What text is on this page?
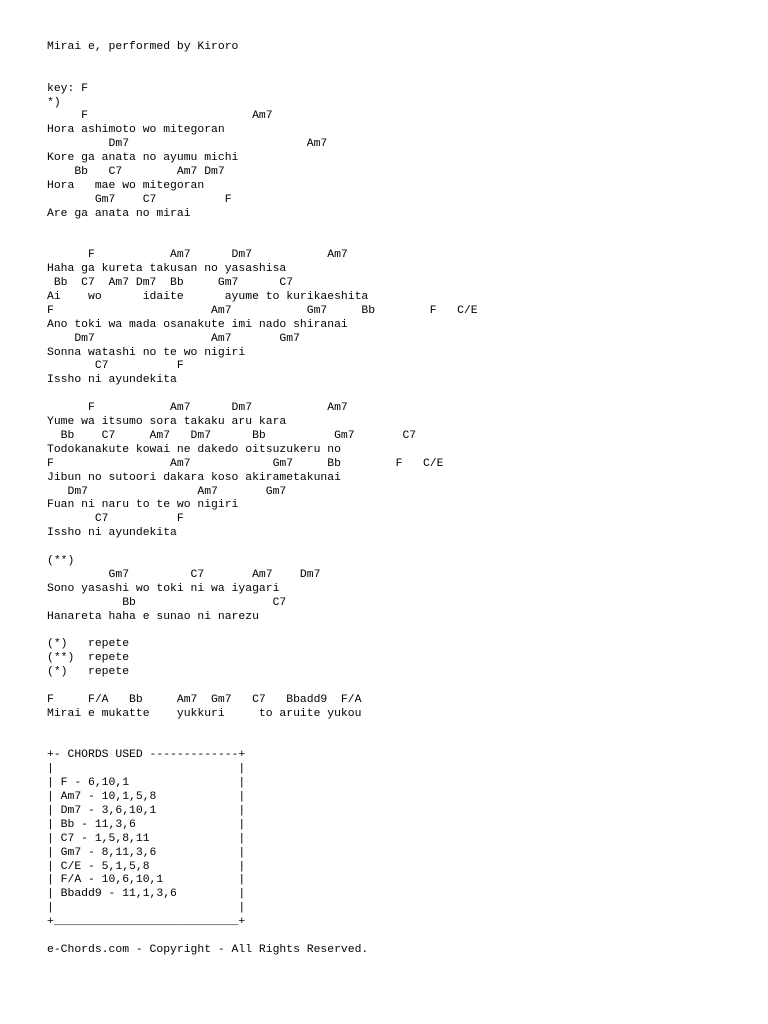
Mirai e, performed by Kiroro
key: F
*)
F                        Am7
Hora ashimoto wo mitegoran
Dm7                          Am7
Kore ga anata no ayumu michi
Bb   C7        Am7 Dm7
Hora   mae wo mitegoran
Gm7    C7          F
Are ga anata no mirai
F           Am7      Dm7           Am7
Haha ga kureta takusan no yasashisa
Bb  C7  Am7 Dm7  Bb     Gm7      C7
Ai    wo      idaite      ayume to kurikaeshita
F                       Am7           Gm7     Bb        F   C/E
Ano toki wa mada osanakute imi nado shiranai
Dm7                 Am7       Gm7
Sonna watashi no te wo nigiri
C7          F
Issho ni ayundekita
F           Am7      Dm7           Am7
Yume wa itsumo sora takaku aru kara
Bb    C7     Am7   Dm7      Bb          Gm7       C7
Todokanakute kowai ne dakedo oitsuzukeru no
F                 Am7            Gm7     Bb        F   C/E
Jibun no sutoori dakara koso akirametakunai
Dm7                Am7       Gm7
Fuan ni naru to te wo nigiri
C7          F
Issho ni ayundekita
(**)
Gm7         C7       Am7    Dm7
Sono yasashi wo toki ni wa iyagari
Bb                    C7
Hanareta haha e sunao ni narezu
(*)   repete
(**)  repete
(*)   repete
F     F/A   Bb     Am7  Gm7   C7   Bbadd9  F/A
Mirai e mukatte    yukkuri     to aruite yukou
+- CHORDS USED -------------+
|                           |
| F - 6,10,1                |
| Am7 - 10,1,5,8            |
| Dm7 - 3,6,10,1            |
| Bb - 11,3,6               |
| C7 - 1,5,8,11             |
| Gm7 - 8,11,3,6            |
| C/E - 5,1,5,8             |
| F/A - 10,6,10,1           |
| Bbadd9 - 11,1,3,6         |
|                           |
+___________________________+
e-Chords.com - Copyright - All Rights Reserved.
